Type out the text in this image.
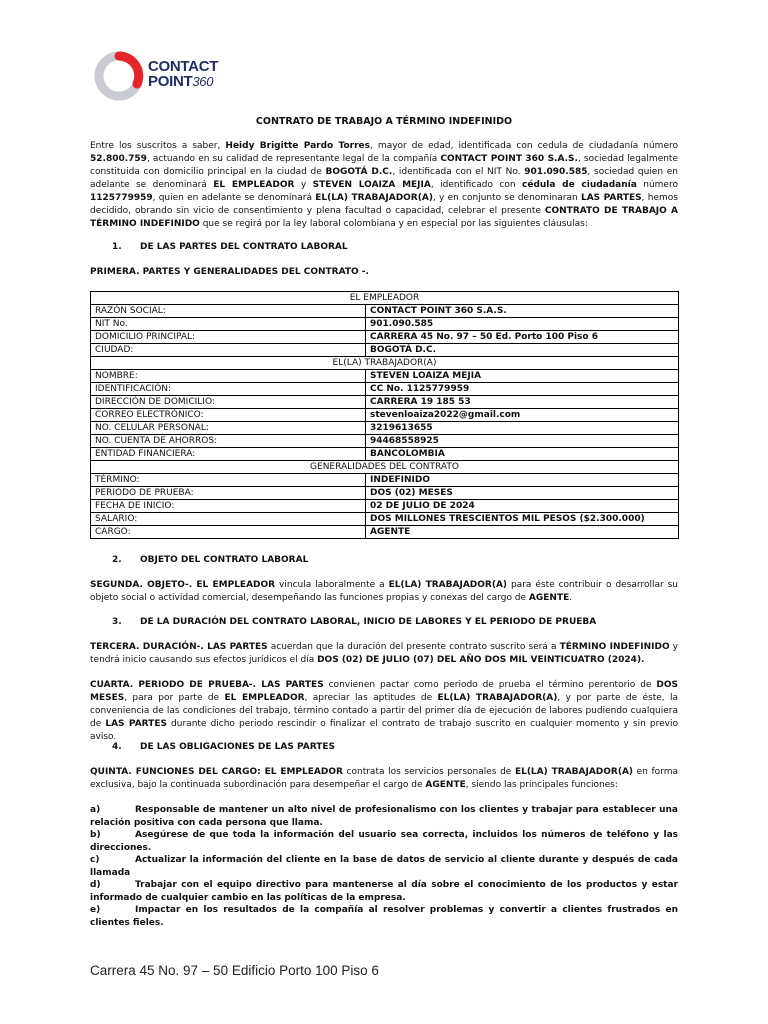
CONTACT
POINT360
CONTRATO DE TRABAJO A TÉRMINO INDEFINIDO

Entre los suscritos a saber, Heidy Brigitte Pardo Torres, mayor de edad, identificada con cedula de ciudadanía número 52.800.759, actuando en su calidad de representante legal de la compañía CONTACT POINT 360 S.A.S., sociedad legalmente constituida con domicilio principal en la ciudad de BOGOTÁ D.C., identificada con el NIT No. 901.090.585, sociedad quien en adelante se denominará EL EMPLEADOR y STEVEN LOAIZA MEJIA, identificado con cédula de ciudadanía número 1125779959, quien en adelante se denominará EL(LA) TRABAJADOR(A), y en conjunto se denominaran LAS PARTES, hemos decidido, obrando sin vicio de consentimiento y plena facultad o capacidad, celebrar el presente CONTRATO DE TRABAJO A TÉRMINO INDEFINIDO que se regirá por la ley laboral colombiana y en especial por las siguientes cláusulas:

1. DE LAS PARTES DEL CONTRATO LABORAL
PRIMERA. PARTES Y GENERALIDADES DEL CONTRATO -.
EL EMPLEADOR	
RAZÓN SOCIAL:	CONTACT POINT 360 S.A.S.
NIT No.	901.090.585
DOMICILIO PRINCIPAL:	CARRERA 45 No. 97 – 50 Ed. Porto 100 Piso 6
CIUDAD:	BOGOTÁ D.C.
EL(LA) TRABAJADOR(A)	
NOMBRE:	STEVEN LOAIZA MEJIA
IDENTIFICACIÓN:	CC No. 1125779959
DIRECCIÓN DE DOMICILIO:	CARRERA 19 185 53
CORREO ELECTRÓNICO:	stevenloaiza2022@gmail.com
NO. CELULAR PERSONAL:	3219613655
NO. CUENTA DE AHORROS:	94468558925
ENTIDAD FINANCIERA:	BANCOLOMBIA
GENERALIDADES DEL CONTRATO	
TÉRMINO:	INDEFINIDO
PERIODO DE PRUEBA:	DOS (02) MESES
FECHA DE INICIO:	02 DE JULIO DE 2024
SALARIO:	DOS MILLONES TRESCIENTOS MIL PESOS ($2.300.000)
CARGO:	AGENTE
2. OBJETO DEL CONTRATO LABORAL

SEGUNDA. OBJETO-. EL EMPLEADOR vincula laboralmente a EL(LA) TRABAJADOR(A) para éste contribuir o desarrollar su objeto social o actividad comercial, desempeñando las funciones propias y conexas del cargo de AGENTE.

3. DE LA DURACIÓN DEL CONTRATO LABORAL, INICIO DE LABORES Y EL PERIODO DE PRUEBA

TERCERA. DURACIÓN-. LAS PARTES acuerdan que la duración del presente contrato suscrito será a TÉRMINO INDEFINIDO y tendrá inicio causando sus efectos jurídicos el día DOS (02) DE JULIO (07) DEL AÑO DOS MIL VEINTICUATRO (2024).

CUARTA. PERIODO DE PRUEBA-. LAS PARTES convienen pactar como periodo de prueba el término perentorio de DOS MESES, para por parte de EL EMPLEADOR, apreciar las aptitudes de EL(LA) TRABAJADOR(A), y por parte de éste, la conveniencia de las condiciones del trabajo, término contado a partir del primer día de ejecución de labores pudiendo cualquiera de LAS PARTES durante dicho periodo rescindir o finalizar el contrato de trabajo suscrito en cualquier momento y sin previo aviso.

4. DE LAS OBLIGACIONES DE LAS PARTES

QUINTA. FUNCIONES DEL CARGO: EL EMPLEADOR contrata los servicios personales de EL(LA) TRABAJADOR(A) en forma exclusiva, bajo la continuada subordinación para desempeñar el cargo de AGENTE, siendo las principales funciones:

a)	Responsable de mantener un alto nivel de profesionalismo con los clientes y trabajar para establecer una relación positiva con cada persona que llama.
b)	Asegúrese de que toda la información del usuario sea correcta, incluidos los números de teléfono y las direcciones.
c)	Actualizar la información del cliente en la base de datos de servicio al cliente durante y después de cada llamada
d)	Trabajar con el equipo directivo para mantenerse al día sobre el conocimiento de los productos y estar informado de cualquier cambio en las políticas de la empresa.
e)	Impactar en los resultados de la compañía al resolver problemas y convertir a clientes frustrados en clientes fieles.
Carrera 45 No. 97 – 50 Edificio Porto 100 Piso 6
